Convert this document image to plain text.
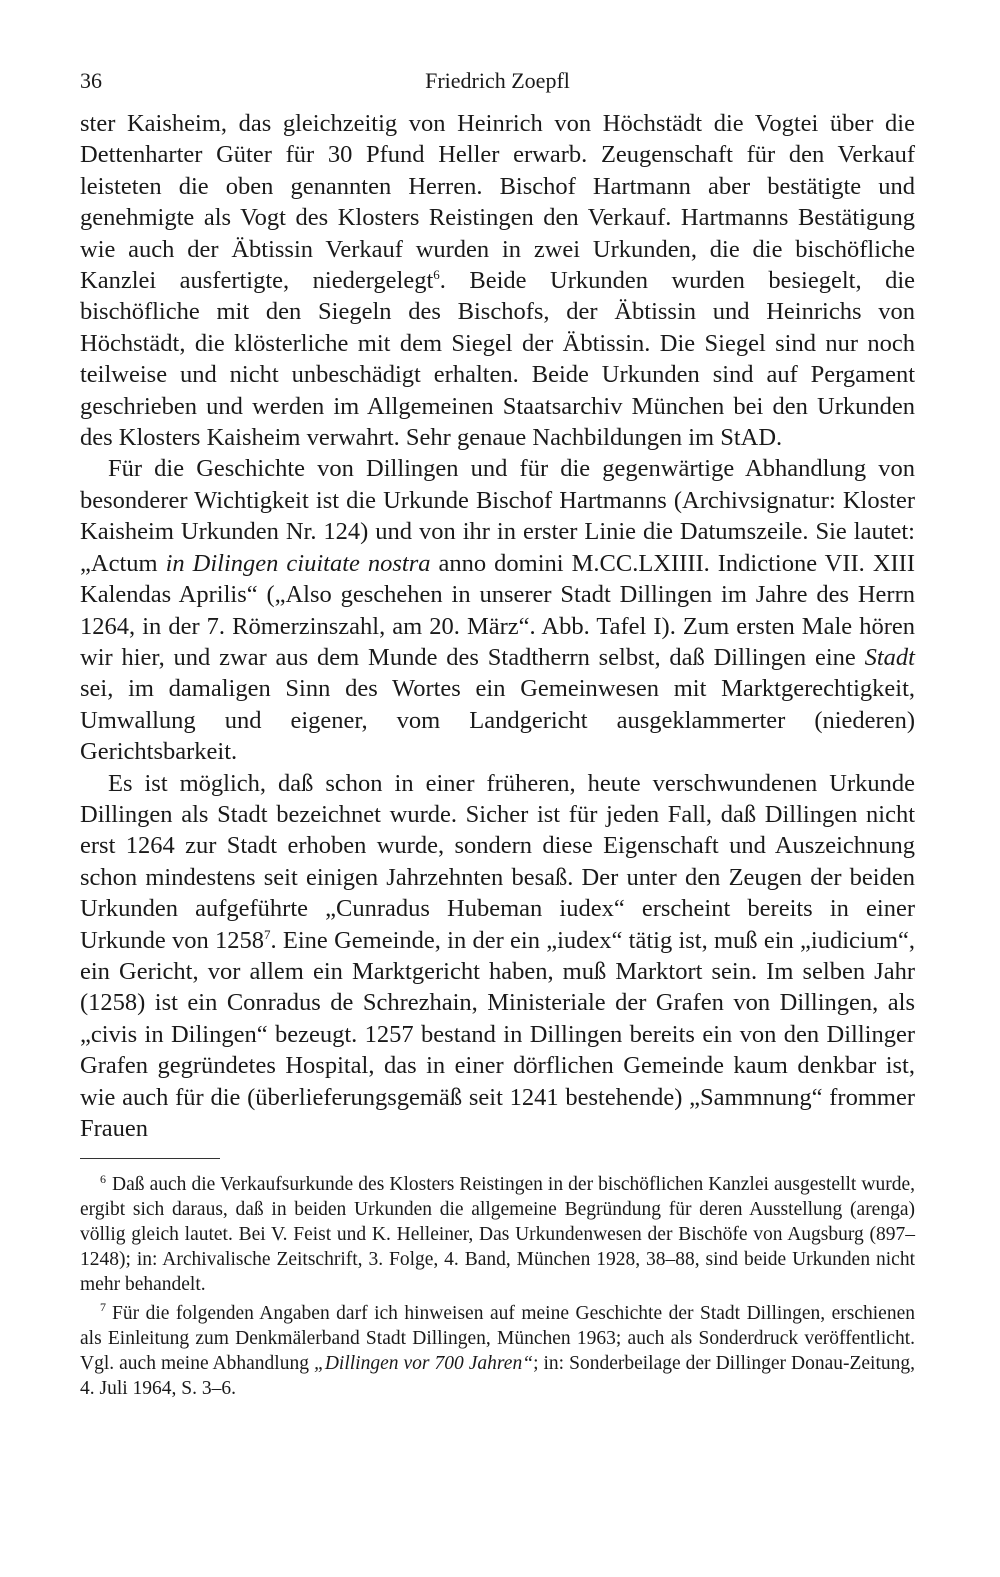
36	Friedrich Zoepfl

ster Kaisheim, das gleichzeitig von Heinrich von Höchstädt die Vogtei über die Dettenharter Güter für 30 Pfund Heller erwarb. Zeugenschaft für den Verkauf leisteten die oben genannten Herren. Bischof Hartmann aber bestätigte und genehmigte als Vogt des Klosters Reistingen den Verkauf. Hartmanns Bestätigung wie auch der Äbtissin Verkauf wurden in zwei Urkunden, die die bischöfliche Kanzlei ausfertigte, niedergelegt$^6$. Beide Urkunden wurden besiegelt, die bischöfliche mit den Siegeln des Bischofs, der Äbtissin und Heinrichs von Höchstädt, die klösterliche mit dem Siegel der Äbtissin. Die Siegel sind nur noch teilweise und nicht unbeschädigt erhalten. Beide Urkunden sind auf Pergament geschrieben und werden im Allgemeinen Staatsarchiv München bei den Urkunden des Klosters Kaisheim verwahrt. Sehr genaue Nachbildungen im StAD.

Für die Geschichte von Dillingen und für die gegenwärtige Abhandlung von besonderer Wichtigkeit ist die Urkunde Bischof Hartmanns (Archivsignatur: Kloster Kaisheim Urkunden Nr. 124) und von ihr in erster Linie die Datumszeile. Sie lautet: „Actum in Dilingen ciuitate nostra anno domini M.CC.LXIIII. Indictione VII. XIII Kalendas Aprilis“ („Also geschehen in unserer Stadt Dillingen im Jahre des Herrn 1264, in der 7. Römerzinszahl, am 20. März“. Abb. Tafel I). Zum ersten Male hören wir hier, und zwar aus dem Munde des Stadtherrn selbst, daß Dillingen eine Stadt sei, im damaligen Sinn des Wortes ein Gemeinwesen mit Marktgerechtigkeit, Umwallung und eigener, vom Landgericht ausgeklammerter (niederen) Gerichtsbarkeit.

Es ist möglich, daß schon in einer früheren, heute verschwundenen Urkunde Dillingen als Stadt bezeichnet wurde. Sicher ist für jeden Fall, daß Dillingen nicht erst 1264 zur Stadt erhoben wurde, sondern diese Eigenschaft und Auszeichnung schon mindestens seit einigen Jahrzehnten besaß. Der unter den Zeugen der beiden Urkunden aufgeführte „Cunradus Hubeman iudex“ erscheint bereits in einer Urkunde von 1258$^7$. Eine Gemeinde, in der ein „iudex“ tätig ist, muß ein „iudicium“, ein Gericht, vor allem ein Marktgericht haben, muß Marktort sein. Im selben Jahr (1258) ist ein Conradus de Schrezhain, Ministeriale der Grafen von Dillingen, als „civis in Dilingen“ bezeugt. 1257 bestand in Dillingen bereits ein von den Dillinger Grafen gegründetes Hospital, das in einer dörflichen Gemeinde kaum denkbar ist, wie auch für die (überlieferungsgemäß seit 1241 bestehende) „Sammnung“ frommer Frauen

$^6$ Daß auch die Verkaufsurkunde des Klosters Reistingen in der bischöflichen Kanzlei ausgestellt wurde, ergibt sich daraus, daß in beiden Urkunden die allgemeine Begründung für deren Ausstellung (arenga) völlig gleich lautet. Bei V. Feist und K. Helleiner, Das Urkundenwesen der Bischöfe von Augsburg (897–1248); in: Archivalische Zeitschrift, 3. Folge, 4. Band, München 1928, 38–88, sind beide Urkunden nicht mehr behandelt.

$^7$ Für die folgenden Angaben darf ich hinweisen auf meine Geschichte der Stadt Dillingen, erschienen als Einleitung zum Denkmälerband Stadt Dillingen, München 1963; auch als Sonderdruck veröffentlicht. Vgl. auch meine Abhandlung „Dillingen vor 700 Jahren“; in: Sonderbeilage der Dillinger Donau-Zeitung, 4. Juli 1964, S. 3–6.
